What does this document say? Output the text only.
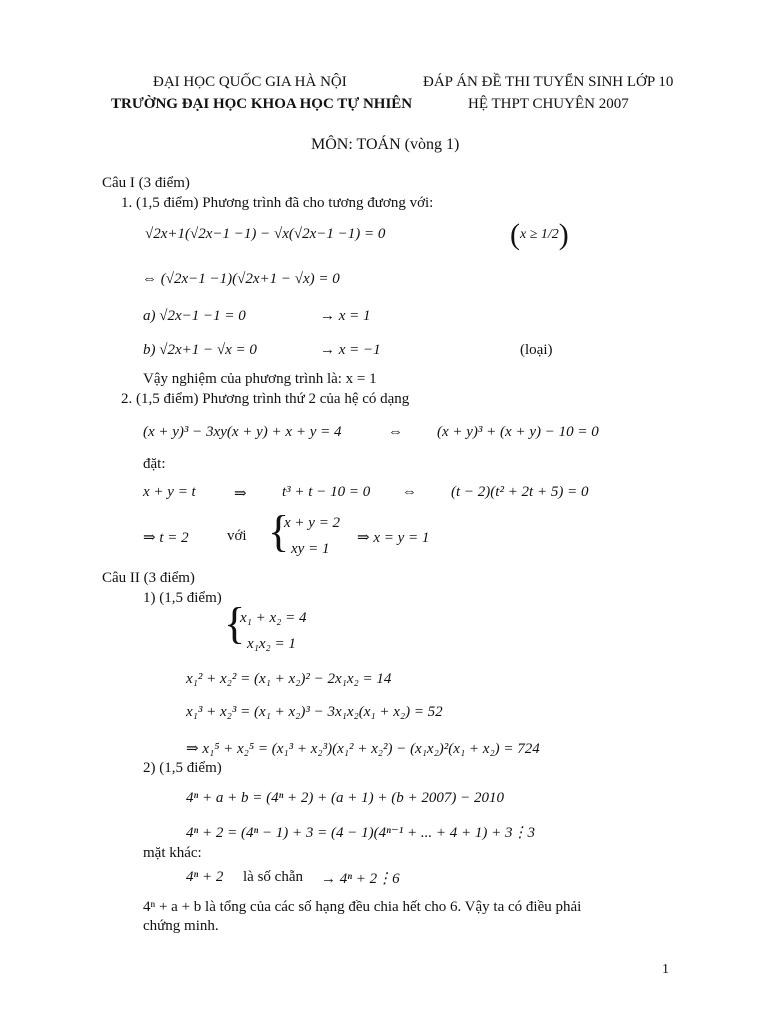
ĐẠI HỌC QUỐC GIA HÀ NỘI
TRƯỜNG ĐẠI HỌC KHOA HỌC TỰ NHIÊN
ĐÁP ÁN ĐỀ THI TUYỂN SINH LỚP 10
HỆ THPT CHUYÊN 2007
MÔN: TOÁN (vòng 1)
Câu I (3 điểm)
1. (1,5 điểm) Phương trình đã cho tương đương với:
√2x+1(√2x−1 −1) − √x(√2x−1 −1) = 0	(x ≥ 1/2)
⇔ (√2x−1 −1)(√2x+1 − √x) = 0
a) √2x−1 −1 = 0	→ x = 1
b) √2x+1 − √x = 0	→ x = −1	(loại)
Vậy nghiệm của phương trình là: x = 1
2. (1,5 điểm) Phương trình thứ 2 của hệ có dạng
(x + y)³ − 3xy(x + y) + x + y = 4	⇔ (x + y)³ + (x + y) − 10 = 0
đặt:
x + y = t	⇒ t³ + t − 10 = 0 ⇔ (t − 2)(t² + 2t + 5) = 0
⇒ t = 2	với {
x + y = 2
xy = 1
⇒ x = y = 1
Câu II (3 điểm)
1) (1,5 điểm)
{
x₁ + x₂ = 4
x₁x₂ = 1
x₁² + x₂² = (x₁ + x₂)² − 2x₁x₂ = 14
x₁³ + x₂³ = (x₁ + x₂)³ − 3x₁x₂(x₁ + x₂) = 52
⇒ x₁⁵ + x₂⁵ = (x₁³ + x₂³)(x₁² + x₂²) − (x₁x₂)²(x₁ + x₂) = 724
2) (1,5 điểm)
4ⁿ + a + b = (4ⁿ + 2) + (a + 1) + (b + 2007) − 2010
4ⁿ + 2 = (4ⁿ − 1) + 3 = (4 − 1)(4ⁿ⁻¹ + ... + 4 + 1) + 3⋮3
mặt khác:
4ⁿ + 2 là số chẵn → 4ⁿ + 2⋮6
4ⁿ + a + b là tổng của các số hạng đều chia hết cho 6. Vậy ta có điều phải
chứng minh.
1
